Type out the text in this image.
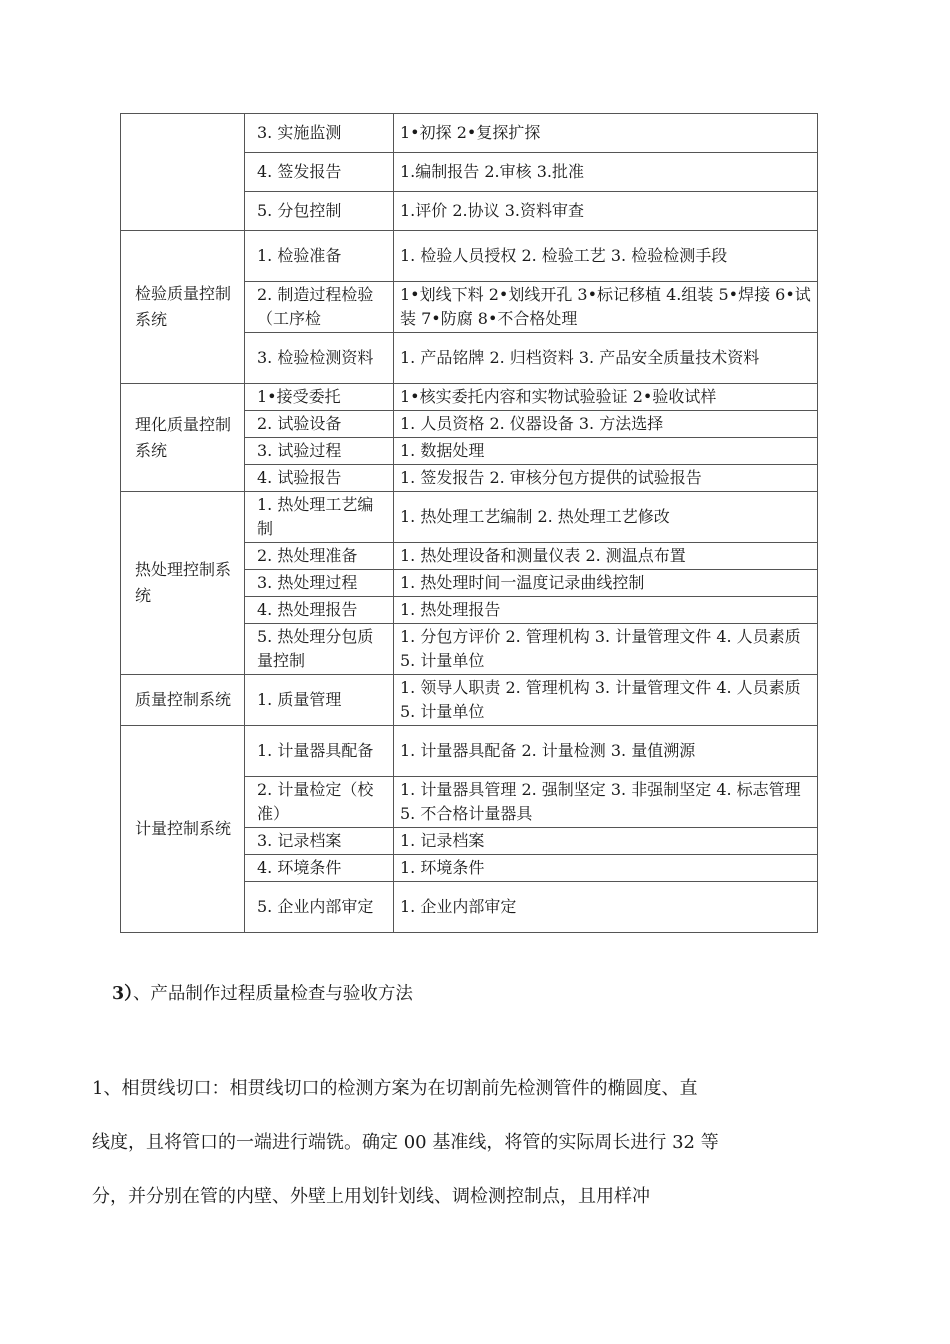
	3. 实施监测	1•初探 2•复探扩探
	4. 签发报告	1.编制报告 2.审核 3.批准
	5. 分包控制	1.评价 2.协议 3.资料审查
检验质量控制系统	1. 检验准备	1. 检验人员授权 2. 检验工艺 3. 检验检测手段
	2. 制造过程检验（工序检	1•划线下料 2•划线开孔 3•标记移植 4.组装 5•焊接 6•试装 7•防腐 8•不合格处理
	3. 检验检测资料	1. 产品铭牌 2. 归档资料 3. 产品安全质量技术资料
理化质量控制系统	1•接受委托	1•核实委托内容和实物试验验证 2•验收试样
	2. 试验设备	1. 人员资格 2. 仪器设备 3. 方法选择
	3. 试验过程	1. 数据处理
	4. 试验报告	1. 签发报告 2. 审核分包方提供的试验报告
热处理控制系统	1. 热处理工艺编制	1. 热处理工艺编制 2. 热处理工艺修改
	2. 热处理准备	1. 热处理设备和测量仪表 2. 测温点布置
	3. 热处理过程	1. 热处理时间一温度记录曲线控制
	4. 热处理报告	1. 热处理报告
	5. 热处理分包质量控制	1. 分包方评价 2. 管理机构 3. 计量管理文件 4. 人员素质 5. 计量单位
质量控制系统	1. 质量管理	1. 领导人职责 2. 管理机构 3. 计量管理文件 4. 人员素质 5. 计量单位
计量控制系统	1. 计量器具配备	1. 计量器具配备 2. 计量检测 3. 量值溯源
	2. 计量检定（校准）	1. 计量器具管理 2. 强制坚定 3. 非强制坚定 4. 标志管理 5. 不合格计量器具
	3. 记录档案	1. 记录档案
	4. 环境条件	1. 环境条件
	5. 企业内部审定	1. 企业内部审定
3）、产品制作过程质量检查与验收方法
1、相贯线切口：相贯线切口的检测方案为在切割前先检测管件的椭圆度、直
线度，且将管口的一端进行端铣。确定 00 基准线，将管的实际周长进行 32 等
分，并分别在管的内壁、外壁上用划针划线、调检测控制点，且用样冲
